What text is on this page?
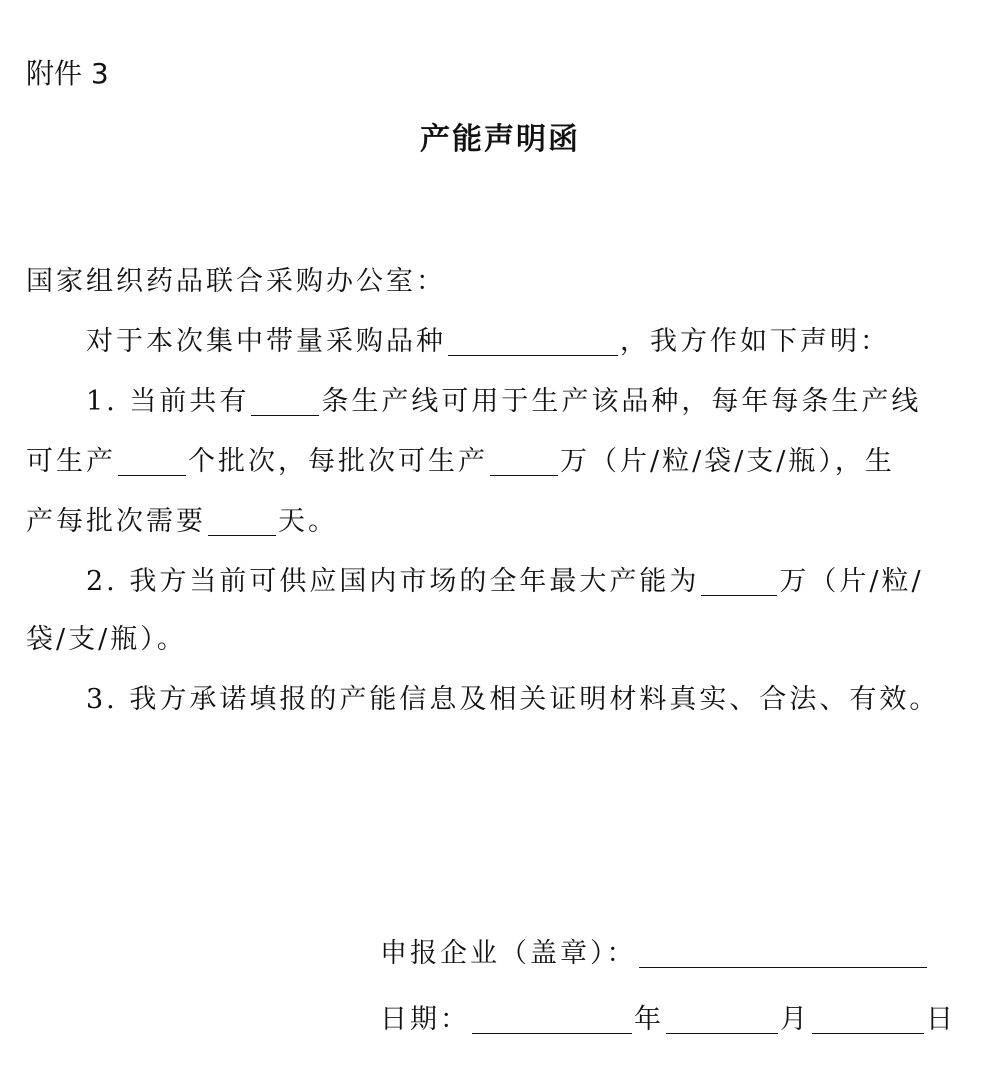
附件 3
产能声明函
国家组织药品联合采购办公室：
对于本次集中带量采购品种	，我方作如下声明：
1. 当前共有	条生产线可用于生产该品种，每年每条生产线
可生产	个批次，每批次可生产	万（片/粒/袋/支/瓶），生
产每批次需要	天。
2. 我方当前可供应国内市场的全年最大产能为	万（片/粒/
袋/支/瓶）。
3. 我方承诺填报的产能信息及相关证明材料真实、合法、有效。
申报企业（盖章）：
日期：	年	月	日
